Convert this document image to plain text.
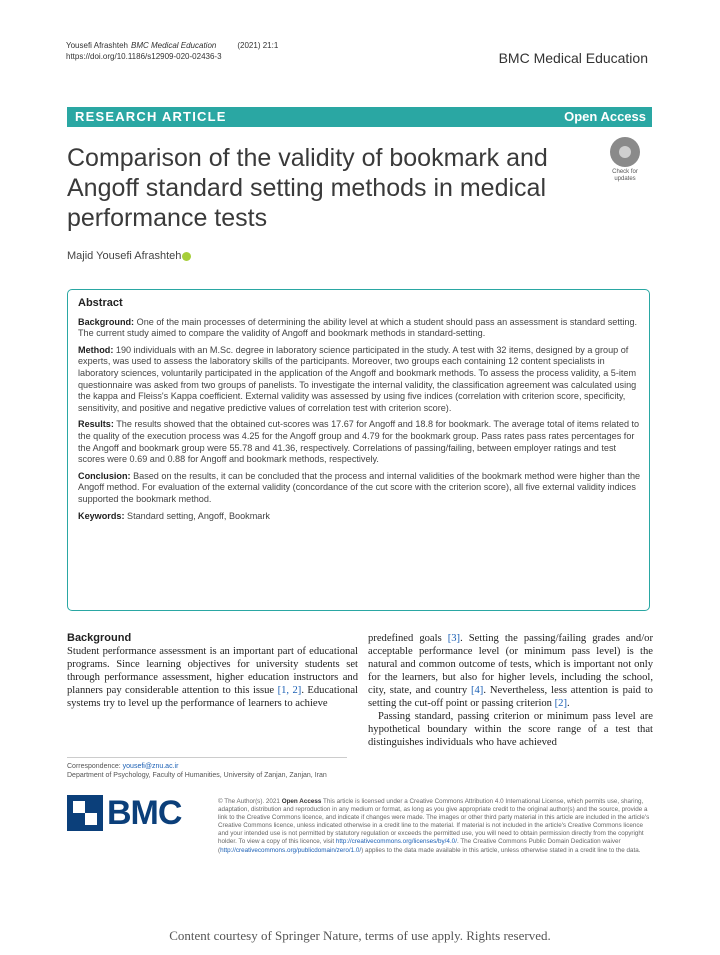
Yousefi Afrashteh BMC Medical Education	(2021) 21:1
https://doi.org/10.1186/s12909-020-02436-3	BMC Medical Education
RESEARCH ARTICLE	Open Access
Comparison of the validity of bookmark and Angoff standard setting methods in medical performance tests
Check for
updates
Majid Yousefi Afrashteh
Abstract

Background: One of the main processes of determining the ability level at which a student should pass an assessment is standard setting. The current study aimed to compare the validity of Angoff and bookmark methods in standard-setting.

Method: 190 individuals with an M.Sc. degree in laboratory science participated in the study. A test with 32 items, designed by a group of experts, was used to assess the laboratory skills of the participants. Moreover, two groups each containing 12 content specialists in laboratory sciences, voluntarily participated in the application of the Angoff and bookmark methods. To assess the process validity, a 5-item questionnaire was asked from two groups of panelists. To investigate the internal validity, the classification agreement was calculated using the kappa and Fleiss's Kappa coefficient. External validity was assessed by using five indices (correlation with criterion score, specificity, sensitivity, and positive and negative predictive values of correlation test with criterion score).

Results: The results showed that the obtained cut-scores was 17.67 for Angoff and 18.8 for bookmark. The average total of items related to the quality of the execution process was 4.25 for the Angoff group and 4.79 for the bookmark group. Pass rates pass rates percentages for the Angoff and bookmark group were 55.78 and 41.36, respectively. Correlations of passing/failing, between employer ratings and test scores were 0.69 and 0.88 for Angoff and bookmark methods, respectively.

Conclusion: Based on the results, it can be concluded that the process and internal validities of the bookmark method were higher than the Angoff method. For evaluation of the external validity (concordance of the cut score with the criterion score), all five external validity indices supported the bookmark method.

Keywords: Standard setting, Angoff, Bookmark

Background

Student performance assessment is an important part of educational programs. Since learning objectives for university students set through performance assessment, higher education instructors and planners pay considerable attention to this issue [1, 2]. Educational systems try to level up the performance of learners to achieve

predefined goals [3]. Setting the passing/failing grades and/or acceptable performance level (or minimum pass level) is the natural and common outcome of tests, which is important not only for the learners, but also for higher levels, including the school, city, state, and country [4]. Nevertheless, less attention is paid to setting the cut-off point or passing criterion [2].

Passing standard, passing criterion or minimum pass level are hypothetical boundary within the score range of a test that distinguishes individuals who have achieved

Correspondence: yousefi@znu.ac.ir
Department of Psychology, Faculty of Humanities, University of Zanjan, Zanjan, Iran
BMC	© The Author(s). 2021 Open Access This article is licensed under a Creative Commons Attribution 4.0 International License, which permits use, sharing, adaptation, distribution and reproduction in any medium or format, as long as you give appropriate credit to the original author(s) and the source, provide a link to the Creative Commons licence, and indicate if changes were made. The images or other third party material in this article are included in the article's Creative Commons licence, unless indicated otherwise in a credit line to the material. If material is not included in the article's Creative Commons licence and your intended use is not permitted by statutory regulation or exceeds the permitted use, you will need to obtain permission directly from the copyright holder. To view a copy of this licence, visit http://creativecommons.org/licenses/by/4.0/. The Creative Commons Public Domain Dedication waiver (http://creativecommons.org/publicdomain/zero/1.0/) applies to the data made available in this article, unless otherwise stated in a credit line to the data.
Content courtesy of Springer Nature, terms of use apply. Rights reserved.
